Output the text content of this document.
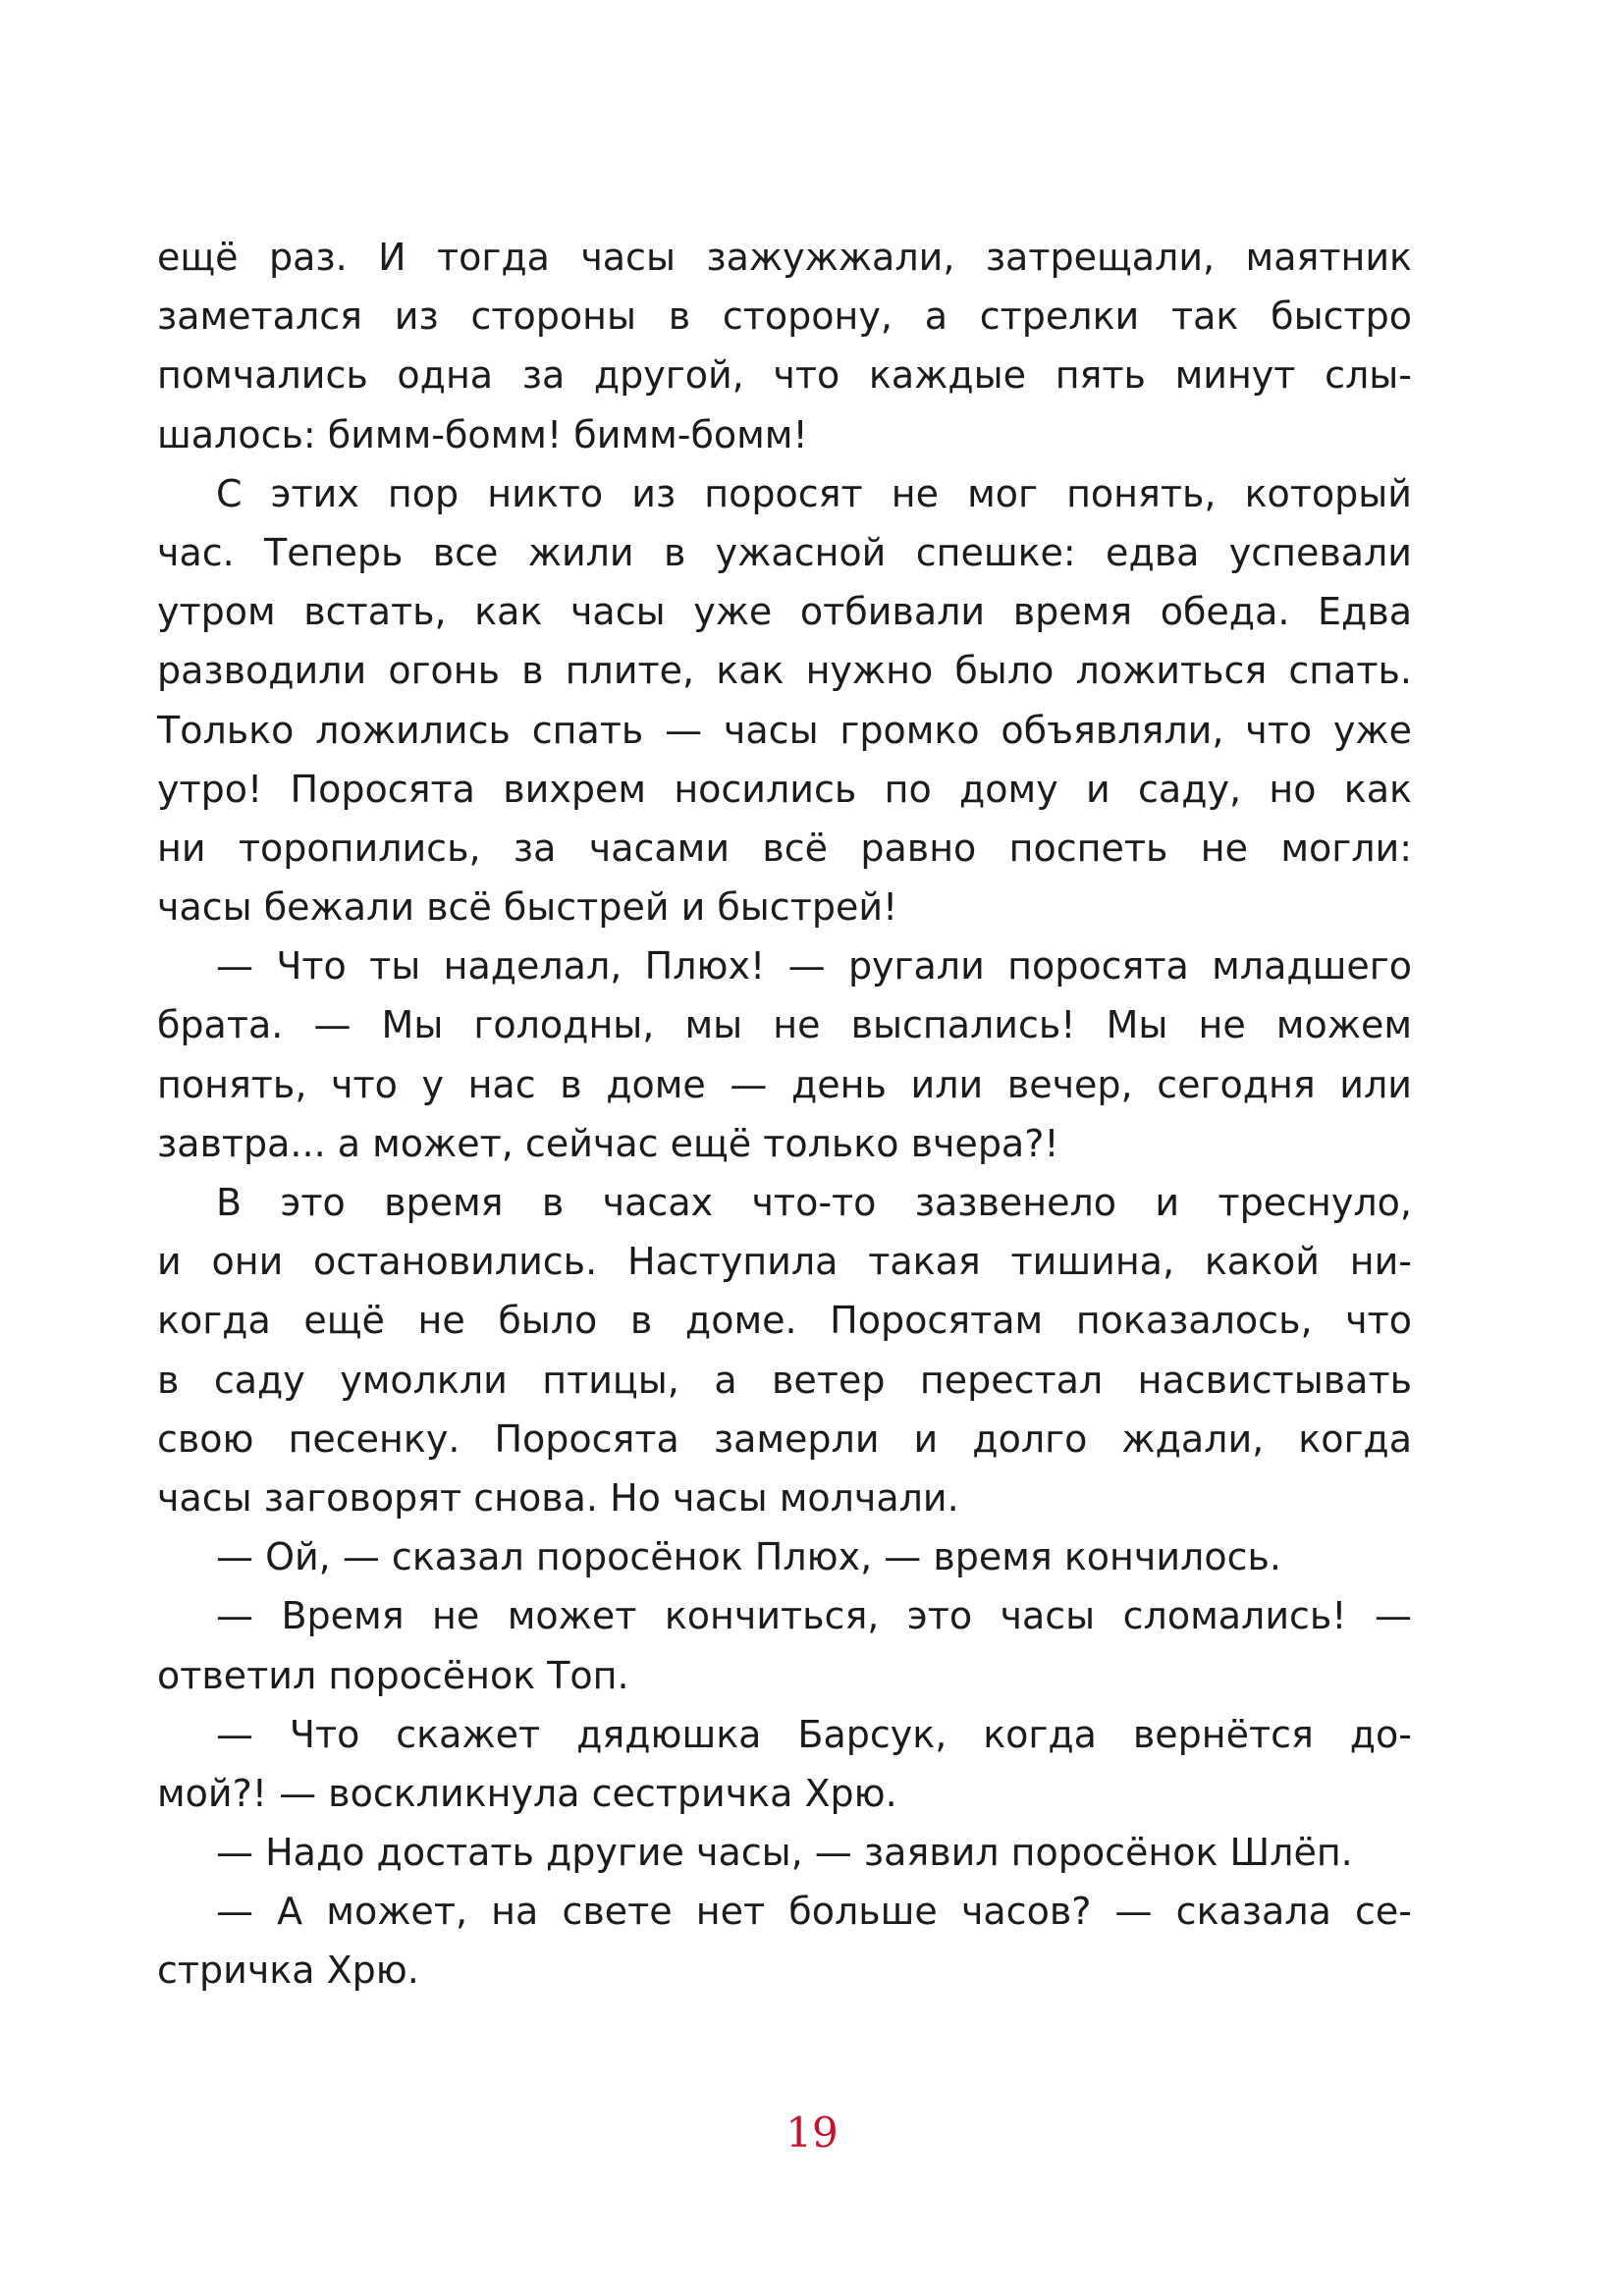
ещё раз. И тогда часы зажужжали, затрещали, маятник
заметался из стороны в сторону, а стрелки так быстро
помчались одна за другой, что каждые пять минут слы-
шалось: бимм-бомм! бимм-бомм!
С этих пор никто из поросят не мог понять, который
час. Теперь все жили в ужасной спешке: едва успевали
утром встать, как часы уже отбивали время обеда. Едва
разводили огонь в плите, как нужно было ложиться спать.
Только ложились спать — часы громко объявляли, что уже
утро! Поросята вихрем носились по дому и саду, но как
ни торопились, за часами всё равно поспеть не могли:
часы бежали всё быстрей и быстрей!
— Что ты наделал, Плюх! — ругали поросята младшего
брата. — Мы голодны, мы не выспались! Мы не можем
понять, что у нас в доме — день или вечер, сегодня или
завтра... а может, сейчас ещё только вчера?!
В это время в часах что-то зазвенело и треснуло,
и они остановились. Наступила такая тишина, какой ни-
когда ещё не было в доме. Поросятам показалось, что
в саду умолкли птицы, а ветер перестал насвистывать
свою песенку. Поросята замерли и долго ждали, когда
часы заговорят снова. Но часы молчали.
— Ой, — сказал поросёнок Плюх, — время кончилось.
— Время не может кончиться, это часы сломались! —
ответил поросёнок Топ.
— Что скажет дядюшка Барсук, когда вернётся до-
мой?! — воскликнула сестричка Хрю.
— Надо достать другие часы, — заявил поросёнок Шлёп.
— А может, на свете нет больше часов? — сказала се-
стричка Хрю.
19
